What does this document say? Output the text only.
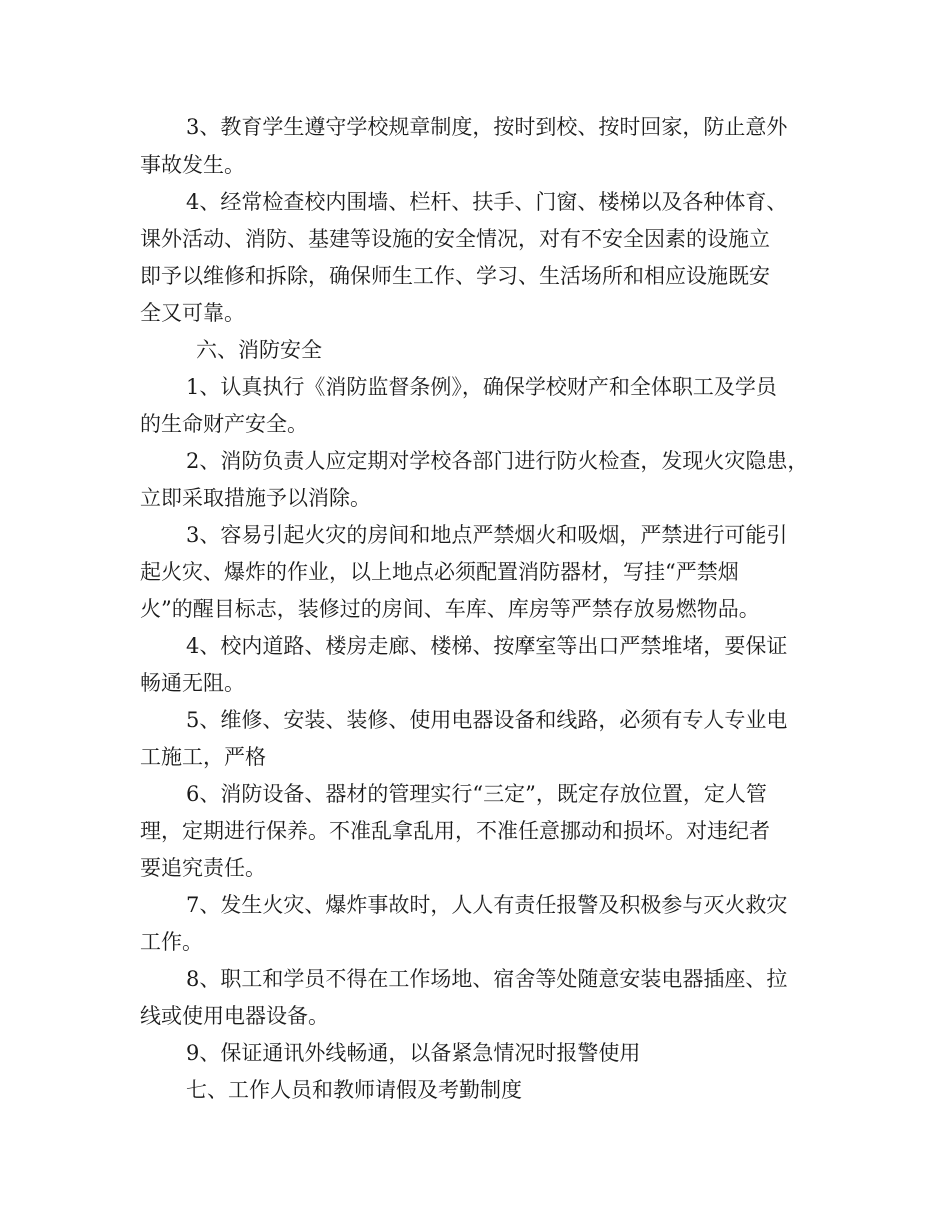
3、教育学生遵守学校规章制度，按时到校、按时回家，防止意外
事故发生。
4、经常检查校内围墙、栏杆、扶手、门窗、楼梯以及各种体育、
课外活动、消防、基建等设施的安全情况，对有不安全因素的设施立
即予以维修和拆除，确保师生工作、学习、生活场所和相应设施既安
全又可靠。
六、消防安全
1、认真执行《消防监督条例》，确保学校财产和全体职工及学员
的生命财产安全。
2、消防负责人应定期对学校各部门进行防火检查，发现火灾隐患，
立即采取措施予以消除。
3、容易引起火灾的房间和地点严禁烟火和吸烟，严禁进行可能引
起火灾、爆炸的作业，以上地点必须配置消防器材，写挂“严禁烟
火”的醒目标志，装修过的房间、车库、库房等严禁存放易燃物品。
4、校内道路、楼房走廊、楼梯、按摩室等出口严禁堆堵，要保证
畅通无阻。
5、维修、安装、装修、使用电器设备和线路，必须有专人专业电
工施工，严格
6、消防设备、器材的管理实行“三定”，既定存放位置，定人管
理，定期进行保养。不准乱拿乱用，不准任意挪动和损坏。对违纪者
要追究责任。
7、发生火灾、爆炸事故时，人人有责任报警及积极参与灭火救灾
工作。
8、职工和学员不得在工作场地、宿舍等处随意安装电器插座、拉
线或使用电器设备。
9、保证通讯外线畅通，以备紧急情况时报警使用
七、工作人员和教师请假及考勤制度
